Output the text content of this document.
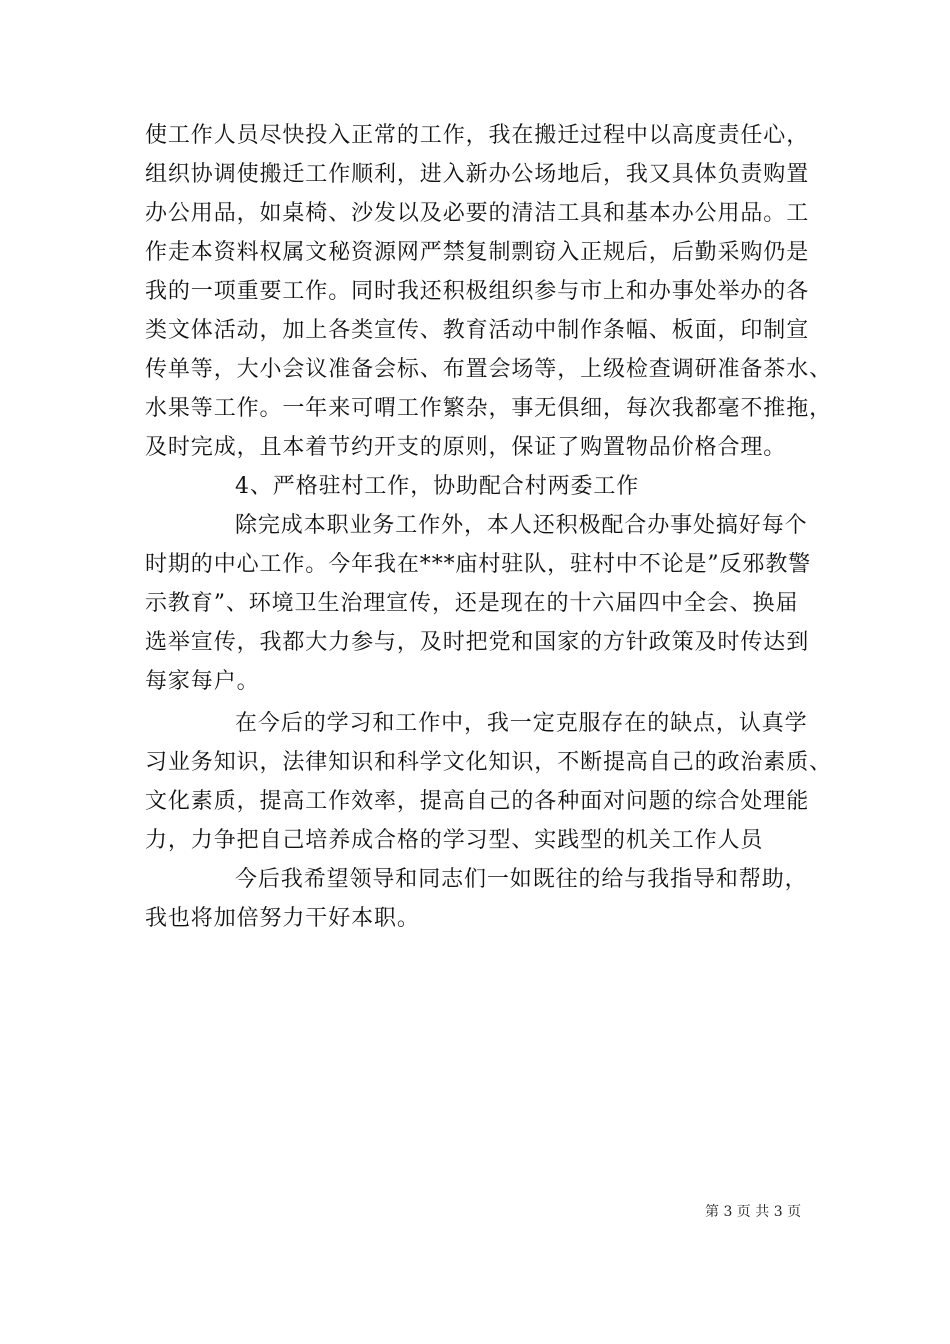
使工作人员尽快投入正常的工作，我在搬迁过程中以高度责任心，
组织协调使搬迁工作顺利，进入新办公场地后，我又具体负责购置
办公用品，如桌椅、沙发以及必要的清洁工具和基本办公用品。工
作走本资料权属文秘资源网严禁复制剽窃入正规后，后勤采购仍是
我的一项重要工作。同时我还积极组织参与市上和办事处举办的各
类文体活动，加上各类宣传、教育活动中制作条幅、板面，印制宣
传单等，大小会议准备会标、布置会场等，上级检查调研准备茶水、
水果等工作。一年来可喟工作繁杂，事无俱细，每次我都毫不推拖，
及时完成，且本着节约开支的原则，保证了购置物品价格合理。
4、严格驻村工作，协助配合村两委工作
除完成本职业务工作外，本人还积极配合办事处搞好每个
时期的中心工作。今年我在***庙村驻队，驻村中不论是”反邪教警
示教育”、环境卫生治理宣传，还是现在的十六届四中全会、换届
选举宣传，我都大力参与，及时把党和国家的方针政策及时传达到
每家每户。
在今后的学习和工作中，我一定克服存在的缺点，认真学
习业务知识，法律知识和科学文化知识，不断提高自己的政治素质、
文化素质，提高工作效率，提高自己的各种面对问题的综合处理能
力，力争把自己培养成合格的学习型、实践型的机关工作人员
今后我希望领导和同志们一如既往的给与我指导和帮助，
我也将加倍努力干好本职。
第 3 页 共 3 页
